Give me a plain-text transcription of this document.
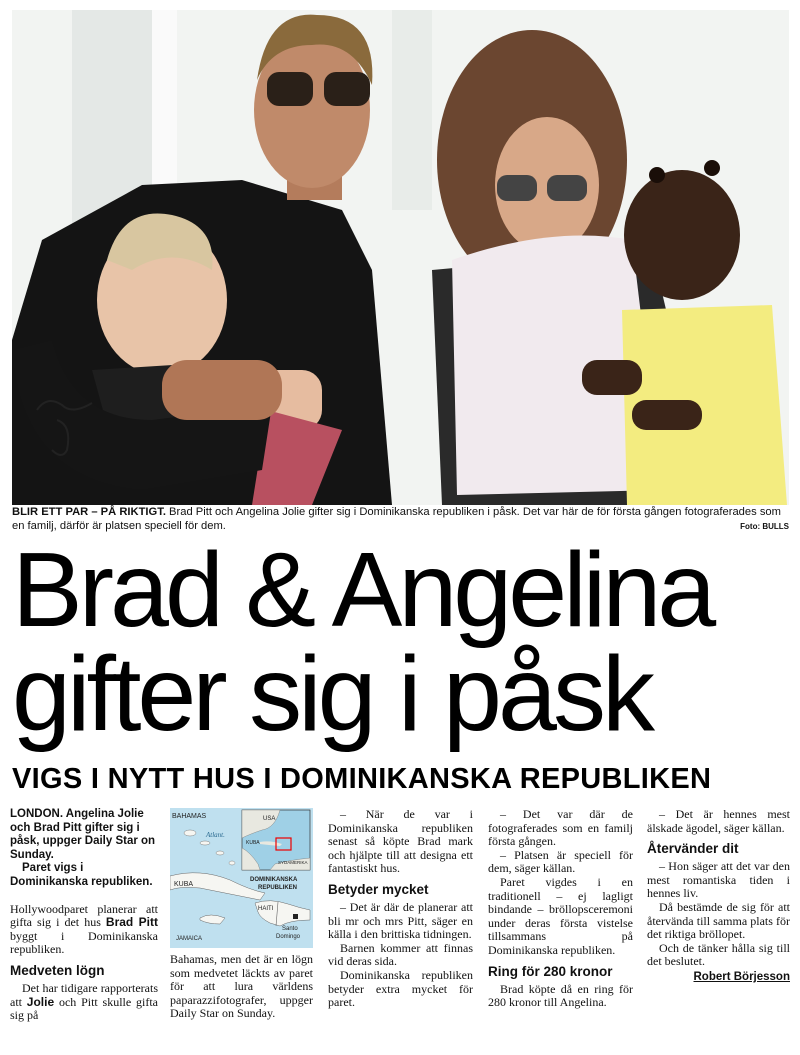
BLIR ETT PAR – PÅ RIKTIGT. Brad Pitt och Angelina Jolie gifter sig i Dominikanska republiken i påsk. Det var här de för första gången fotograferades som en familj, därför är platsen speciell för dem.	Foto: BULLS
Brad & Angelina
gifter sig i påsk
VIGS I NYTT HUS I DOMINIKANSKA REPUBLIKEN

LONDON. Angelina Jolie och Brad Pitt gifter sig i påsk, uppger Daily Star on Sunday.

Paret vigs i Dominikanska republiken.

Hollywoodparet planerar att gifta sig i det hus Brad Pitt byggt i Dominikanska republiken.

Medveten lögn

Det har tidigare rapporterats att Jolie och Pitt skulle gifta sig på

BAHAMAS	USA
Atlant.
KUBA
SYDAMERIKA
KUBA
DOMINIKANSKA
REPUBLIKEN
HAITI
Santo
Domingo
JAMAICA

Bahamas, men det är en lögn som medvetet läckts av paret för att lura världens paparazzifotografer, uppger Daily Star on Sunday.

– När de var i Dominikanska republiken senast så köpte Brad mark och hjälpte till att designa ett fantastiskt hus.

Betyder mycket

– Det är där de planerar att bli mr och mrs Pitt, säger en källa i den brittiska tidningen.

Barnen kommer att finnas vid deras sida.

Dominikanska republiken betyder extra mycket för paret.

– Det var där de fotograferades som en familj första gången.

– Platsen är speciell för dem, säger källan.

Paret vigdes i en traditionell – ej lagligt bindande – bröllopsceremoni under deras första vistelse tillsammans på Dominikanska republiken.

Ring för 280 kronor

Brad köpte då en ring för 280 kronor till Angelina.

– Det är hennes mest älskade ägodel, säger källan.

Återvänder dit

– Hon säger att det var den mest romantiska tiden i hennes liv.

Då bestämde de sig för att återvända till samma plats för det riktiga bröllopet.

Och de tänker hålla sig till det beslutet.

Robert Börjesson
